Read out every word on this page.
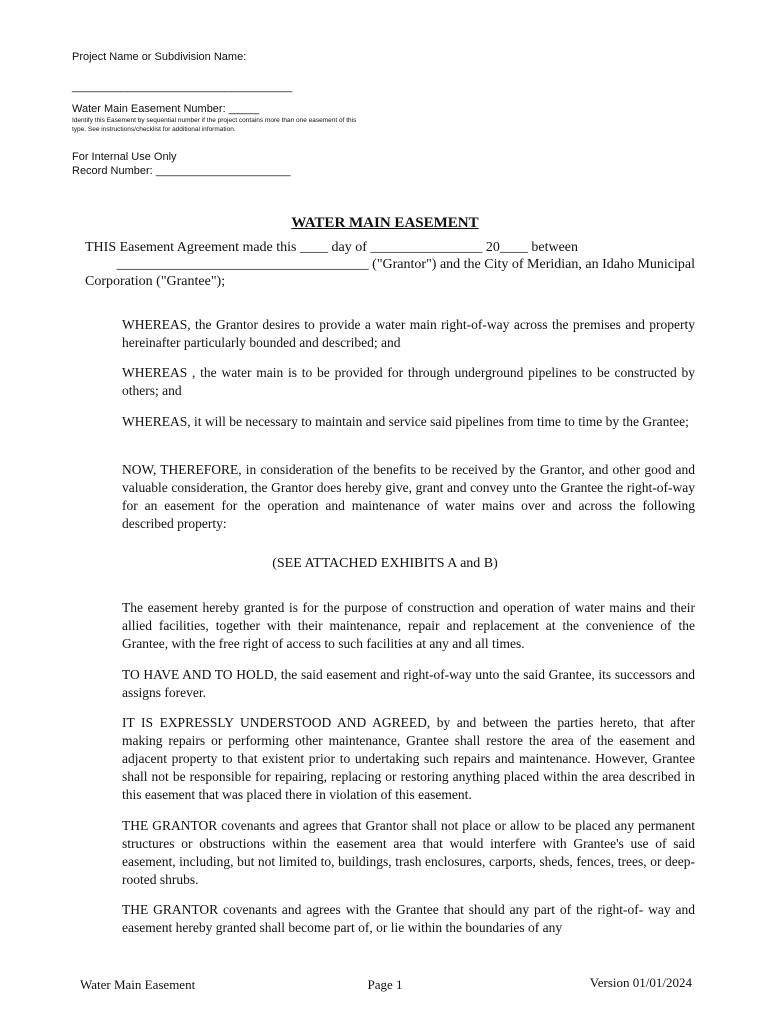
Project Name or Subdivision Name:

____________________________________

Water Main Easement Number: _____

Identify this Easement by sequential number if the project contains more than one easement of this type. See instructions/checklist for additional information.

For Internal Use Only

Record Number: ______________________

WATER MAIN EASEMENT

THIS Easement Agreement made this ____ day of ________________ 20____ between

____________________________________ ("Grantor") and the City of Meridian, an Idaho Municipal

Corporation ("Grantee");

WHEREAS, the Grantor desires to provide a water main right-of-way across the premises and property hereinafter particularly bounded and described; and

WHEREAS , the water main is to be provided for through underground pipelines to be constructed by others; and

WHEREAS, it will be necessary to maintain and service said pipelines from time to time by the Grantee;

NOW, THEREFORE, in consideration of the benefits to be received by the Grantor, and other good and valuable consideration, the Grantor does hereby give, grant and convey unto the Grantee the right-of-way for an easement for the operation and maintenance of water mains over and across the following described property:

(SEE ATTACHED EXHIBITS A and B)

The easement hereby granted is for the purpose of construction and operation of water mains and their allied facilities, together with their maintenance, repair and replacement at the convenience of the Grantee, with the free right of access to such facilities at any and all times.

TO HAVE AND TO HOLD, the said easement and right-of-way unto the said Grantee, its successors and assigns forever.

IT IS EXPRESSLY UNDERSTOOD AND AGREED, by and between the parties hereto, that after making repairs or performing other maintenance, Grantee shall restore the area of the easement and adjacent property to that existent prior to undertaking such repairs and maintenance. However, Grantee shall not be responsible for repairing, replacing or restoring anything placed within the area described in this easement that was placed there in violation of this easement.

THE GRANTOR covenants and agrees that Grantor shall not place or allow to be placed any permanent structures or obstructions within the easement area that would interfere with Grantee's use of said easement, including, but not limited to, buildings, trash enclosures, carports, sheds, fences, trees, or deep-rooted shrubs.

THE GRANTOR covenants and agrees with the Grantee that should any part of the right-of- way and easement hereby granted shall become part of, or lie within the boundaries of any

Water Main Easement	Page 1	Version 01/01/2024
